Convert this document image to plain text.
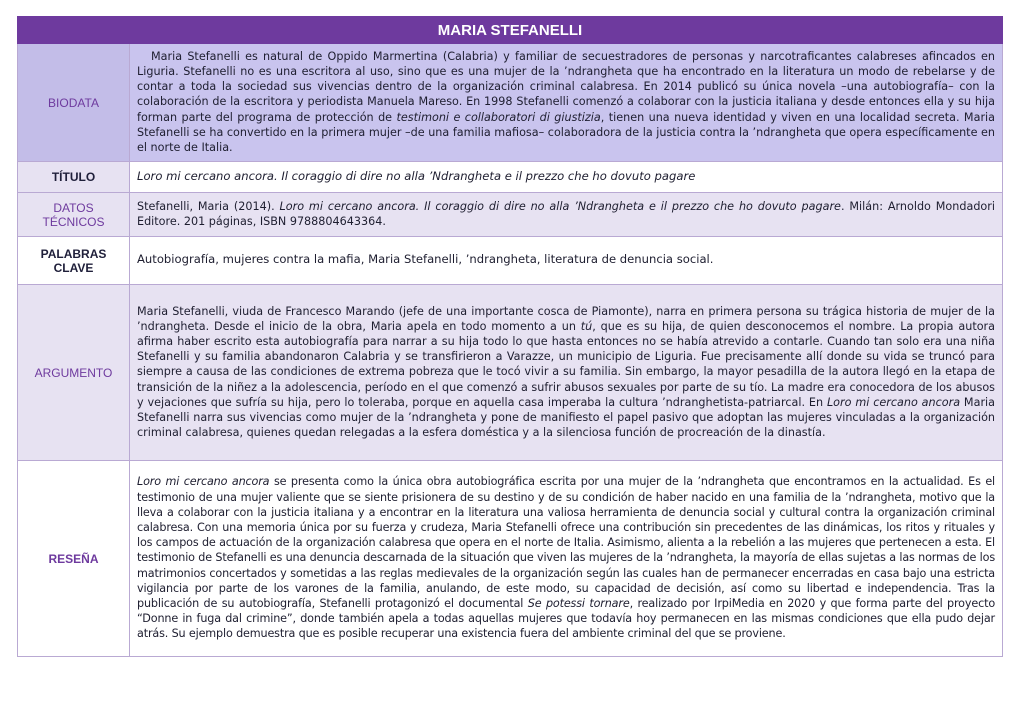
MARIA STEFANELLI	
BIODATA	Maria Stefanelli es natural de Oppido Marmertina (Calabria) y familiar de secuestradores de personas y narcotraficantes calabreses afincados en Liguria. Stefanelli no es una escritora al uso, sino que es una mujer de la ’ndrangheta que ha encontrado en la literatura un modo de rebelarse y de contar a toda la sociedad sus vivencias dentro de la organización criminal calabresa. En 2014 publicó su única novela –una autobiografía– con la colaboración de la escritora y periodista Manuela Mareso. En 1998 Stefanelli comenzó a colaborar con la justicia italiana y desde entonces ella y su hija forman parte del programa de protección de testimoni e collaboratori di giustizia, tienen una nueva identidad y viven en una localidad secreta. Maria Stefanelli se ha convertido en la primera mujer –de una familia mafiosa– colaboradora de la justicia contra la ’ndrangheta que opera específicamente en el norte de Italia.
TÍTULO	Loro mi cercano ancora. Il coraggio di dire no alla ’Ndrangheta e il prezzo che ho dovuto pagare
DATOS
TÉCNICOS	Stefanelli, Maria (2014). Loro mi cercano ancora. Il coraggio di dire no alla ’Ndrangheta e il prezzo che ho dovuto pagare. Milán: Arnoldo Mondadori Editore. 201 páginas, ISBN 9788804643364.
PALABRAS
CLAVE	Autobiografía, mujeres contra la mafia, Maria Stefanelli, ’ndrangheta, literatura de denuncia social.
ARGUMENTO	Maria Stefanelli, viuda de Francesco Marando (jefe de una importante cosca de Piamonte), narra en primera persona su trágica historia de mujer de la ’ndrangheta. Desde el inicio de la obra, Maria apela en todo momento a un tú, que es su hija, de quien desconocemos el nombre. La propia autora afirma haber escrito esta autobiografía para narrar a su hija todo lo que hasta entonces no se había atrevido a contarle. Cuando tan solo era una niña Stefanelli y su familia abandonaron Calabria y se transfirieron a Varazze, un municipio de Liguria. Fue precisamente allí donde su vida se truncó para siempre a causa de las condiciones de extrema pobreza que le tocó vivir a su familia. Sin embargo, la mayor pesadilla de la autora llegó en la etapa de transición de la niñez a la adolescencia, período en el que comenzó a sufrir abusos sexuales por parte de su tío. La madre era conocedora de los abusos y vejaciones que sufría su hija, pero lo toleraba, porque en aquella casa imperaba la cultura ’ndranghetista-patriarcal. En Loro mi cercano ancora Maria Stefanelli narra sus vivencias como mujer de la ’ndrangheta y pone de manifiesto el papel pasivo que adoptan las mujeres vinculadas a la organización criminal calabresa, quienes quedan relegadas a la esfera doméstica y a la silenciosa función de procreación de la dinastía.
RESEÑA	Loro mi cercano ancora se presenta como la única obra autobiográfica escrita por una mujer de la ’ndrangheta que encontramos en la actualidad. Es el testimonio de una mujer valiente que se siente prisionera de su destino y de su condición de haber nacido en una familia de la ’ndrangheta, motivo que la lleva a colaborar con la justicia italiana y a encontrar en la literatura una valiosa herramienta de denuncia social y cultural contra la organización criminal calabresa. Con una memoria única por su fuerza y crudeza, Maria Stefanelli ofrece una contribución sin precedentes de las dinámicas, los ritos y rituales y los campos de actuación de la organización calabresa que opera en el norte de Italia. Asimismo, alienta a la rebelión a las mujeres que pertenecen a esta. El testimonio de Stefanelli es una denuncia descarnada de la situación que viven las mujeres de la ’ndrangheta, la mayoría de ellas sujetas a las normas de los matrimonios concertados y sometidas a las reglas medievales de la organización según las cuales han de permanecer encerradas en casa bajo una estricta vigilancia por parte de los varones de la familia, anulando, de este modo, su capacidad de decisión, así como su libertad e independencia. Tras la publicación de su autobiografía, Stefanelli protagonizó el documental Se potessi tornare, realizado por IrpiMedia en 2020 y que forma parte del proyecto “Donne in fuga dal crimine”, donde también apela a todas aquellas mujeres que todavía hoy permanecen en las mismas condiciones que ella pudo dejar atrás. Su ejemplo demuestra que es posible recuperar una existencia fuera del ambiente criminal del que se proviene.
